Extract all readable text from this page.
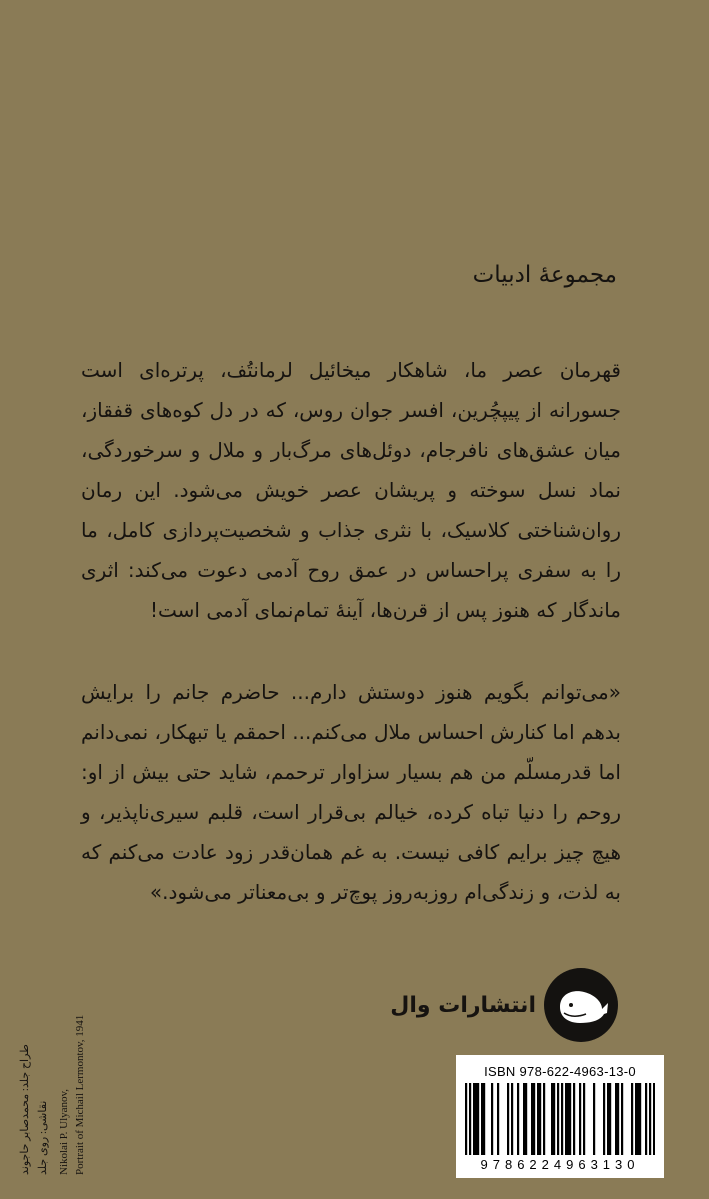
مجموعهٔ ادبیات

قهرمان عصر ما، شاهکار میخائیل لرمانتُف، پرتره‌ای است جسورانه از پیپچُرین، افسر جوان روس، که در دل کوه‌های قفقاز، میان عشق‌های نافرجام، دوئل‌های مرگ‌بار و ملال و سرخوردگی، نماد نسل سوخته و پریشان عصر خویش می‌شود. این رمان روان‌شناختی کلاسیک، با نثری جذاب و شخصیت‌پردازی کامل، ما را به سفری پراحساس در عمق روح آدمی دعوت می‌کند: اثری ماندگار که هنوز پس از قرن‌ها، آینهٔ تمام‌نمای آدمی است!

«می‌توانم بگویم هنوز دوستش دارم... حاضرم جانم را برایش بدهم اما کنارش احساس ملال می‌کنم... احمقم یا تبهکار، نمی‌دانم اما قدرمسلّم من هم بسیار سزاوار ترحمم، شاید حتی بیش از او: روحم را دنیا تباه کرده، خیالم بی‌قرار است، قلبم سیری‌ناپذیر، و هیچ چیز برایم کافی نیست. به غم همان‌قدر زود عادت می‌کنم که به لذت، و زندگی‌ام روزبه‌روز پوچ‌تر و بی‌معناتر می‌شود.»

انتشارات وال
طراح جلد: محمدصابر حاجوند نقاشی: روی جلد Nikolai P. Ulyanov, Portrait of Michail Lermontov, 1941	ISBN 978-622-4963-13-0
9786224963130
